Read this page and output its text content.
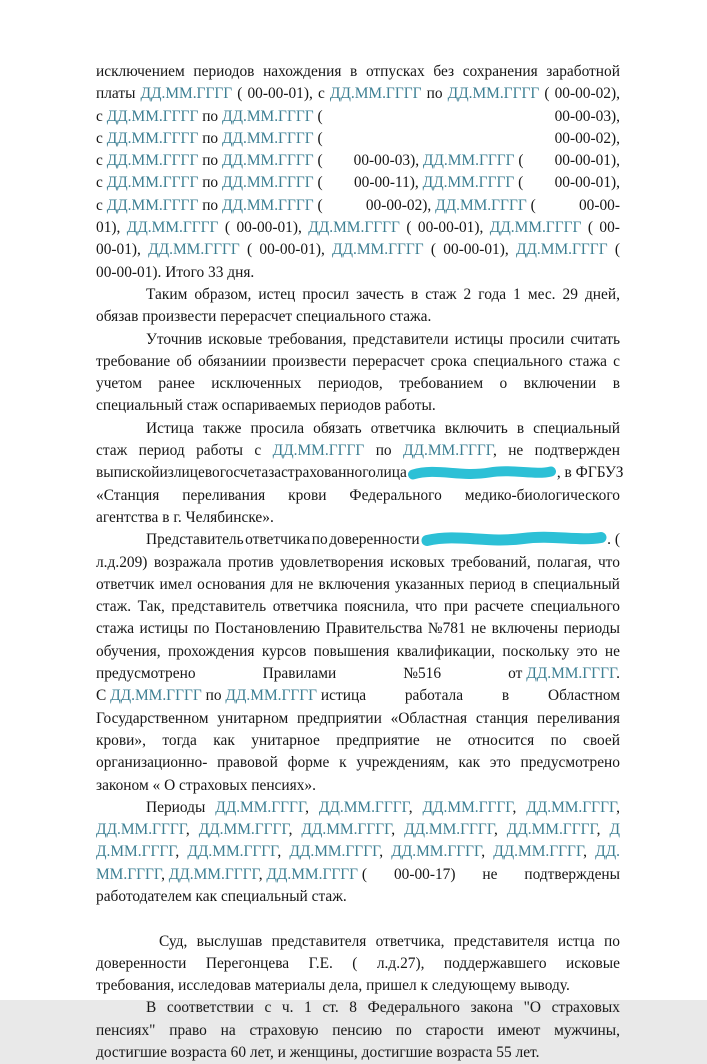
исключением периодов нахождения в отпусках без сохранения заработной
платы ДД.ММ.ГГГГ ( 00-00-01), с ДД.ММ.ГГГГ по ДД.ММ.ГГГГ ( 00-00-02),
с ДД.ММ.ГГГГ по ДД.ММ.ГГГГ (	00-00-03),
с ДД.ММ.ГГГГ по ДД.ММ.ГГГГ (	00-00-02),
с ДД.ММ.ГГГГ по ДД.ММ.ГГГГ ( 00-00-03), ДД.ММ.ГГГГ ( 00-00-01),
с ДД.ММ.ГГГГ по ДД.ММ.ГГГГ ( 00-00-11), ДД.ММ.ГГГГ ( 00-00-01),
с ДД.ММ.ГГГГ по ДД.ММ.ГГГГ (	00-00-02), ДД.ММ.ГГГГ (	00-00-
01), ДД.ММ.ГГГГ ( 00-00-01), ДД.ММ.ГГГГ ( 00-00-01), ДД.ММ.ГГГГ ( 00-
00-01), ДД.ММ.ГГГГ ( 00-00-01), ДД.ММ.ГГГГ ( 00-00-01), ДД.ММ.ГГГГ (
00-00-01). Итого 33 дня.
Таким образом, истец просил зачесть в стаж 2 года 1 мес. 29 дней,
обязав произвести перерасчет специального стажа.
Уточнив исковые требования, представители истицы просили считать
требование об обязаниии произвести перерасчет срока специального стажа с
учетом ранее исключенных периодов, требованием о включении в
специальный стаж оспариваемых периодов работы.
Истица также просила обязать ответчика включить в специальный
стаж период работы с ДД.ММ.ГГГГ по ДД.ММ.ГГГГ, не подтвержден
выпиской из лицевого счета застрахованного лица	, в ФГБУЗ
«Станция переливания крови Федерального медико-биологического
агентства в г. Челябинске».
Представитель ответчика по доверенности	. (
л.д.209) возражала против удовлетворения исковых требований, полагая, что
ответчик имел основания для не включения указанных период в специальный
стаж. Так, представитель ответчика пояснила, что при расчете специального
стажа истицы по Постановлению Правительства №781 не включены периоды
обучения, прохождения курсов повышения квалификации, поскольку это не
предусмотрено	Правилами	№516	от ДД.ММ.ГГГГ.
С ДД.ММ.ГГГГ по ДД.ММ.ГГГГ истица	работала	в	Областном
Государственном унитарном предприятии «Областная станция переливания
крови», тогда как унитарное предприятие не относится по своей
организационно- правовой форме к учреждениям, как это предусмотрено
законом « О страховых пенсиях».
Периоды ДД.ММ.ГГГГ, ДД.ММ.ГГГГ, ДД.ММ.ГГГГ, ДД.ММ.ГГГГ,
ДД.ММ.ГГГГ, ДД.ММ.ГГГГ, ДД.ММ.ГГГГ, ДД.ММ.ГГГГ, ДД.ММ.ГГГГ, Д
Д.ММ.ГГГГ, ДД.ММ.ГГГГ, ДД.ММ.ГГГГ, ДД.ММ.ГГГГ, ДД.ММ.ГГГГ, ДД.
ММ.ГГГГ, ДД.ММ.ГГГГ, ДД.ММ.ГГГГ ( 00-00-17) не подтверждены
работодателем как специальный стаж.
Суд, выслушав представителя ответчика, представителя истца по
доверенности Перегонцева Г.Е. ( л.д.27), поддержавшего исковые
требования, исследовав материалы дела, пришел к следующему выводу.
В соответствии с ч. 1 ст. 8 Федерального закона "О страховых
пенсиях" право на страховую пенсию по старости имеют мужчины,
достигшие возраста 60 лет, и женщины, достигшие возраста 55 лет.
